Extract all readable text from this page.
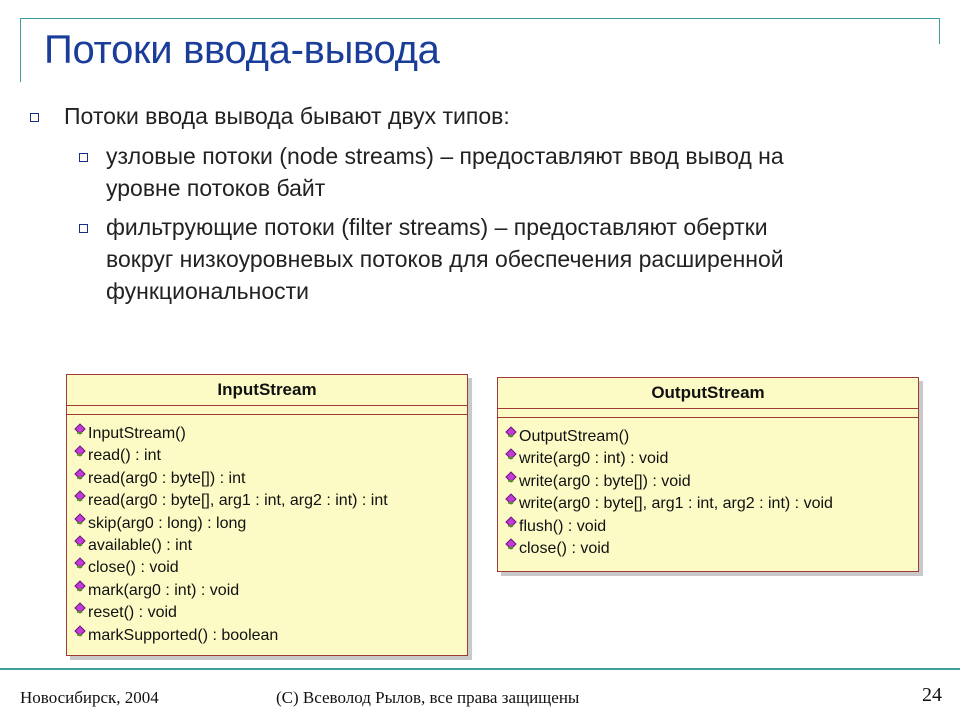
Потоки ввода-вывода
Потоки ввода вывода бывают двух типов:
узловые потоки (node streams) – предоставляют ввод вывод на
уровне потоков байт
фильтрующие потоки (filter streams) – предоставляют обертки
вокруг низкоуровневых потоков для обеспечения расширенной
функциональности
InputStream
InputStream()
read() : int
read(arg0 : byte[]) : int
read(arg0 : byte[], arg1 : int, arg2 : int) : int
skip(arg0 : long) : long
available() : int
close() : void
mark(arg0 : int) : void
reset() : void
markSupported() : boolean
OutputStream
OutputStream()
write(arg0 : int) : void
write(arg0 : byte[]) : void
write(arg0 : byte[], arg1 : int, arg2 : int) : void
flush() : void
close() : void
Новосибирск, 2004	(С) Всеволод Рылов, все права защищены	24
